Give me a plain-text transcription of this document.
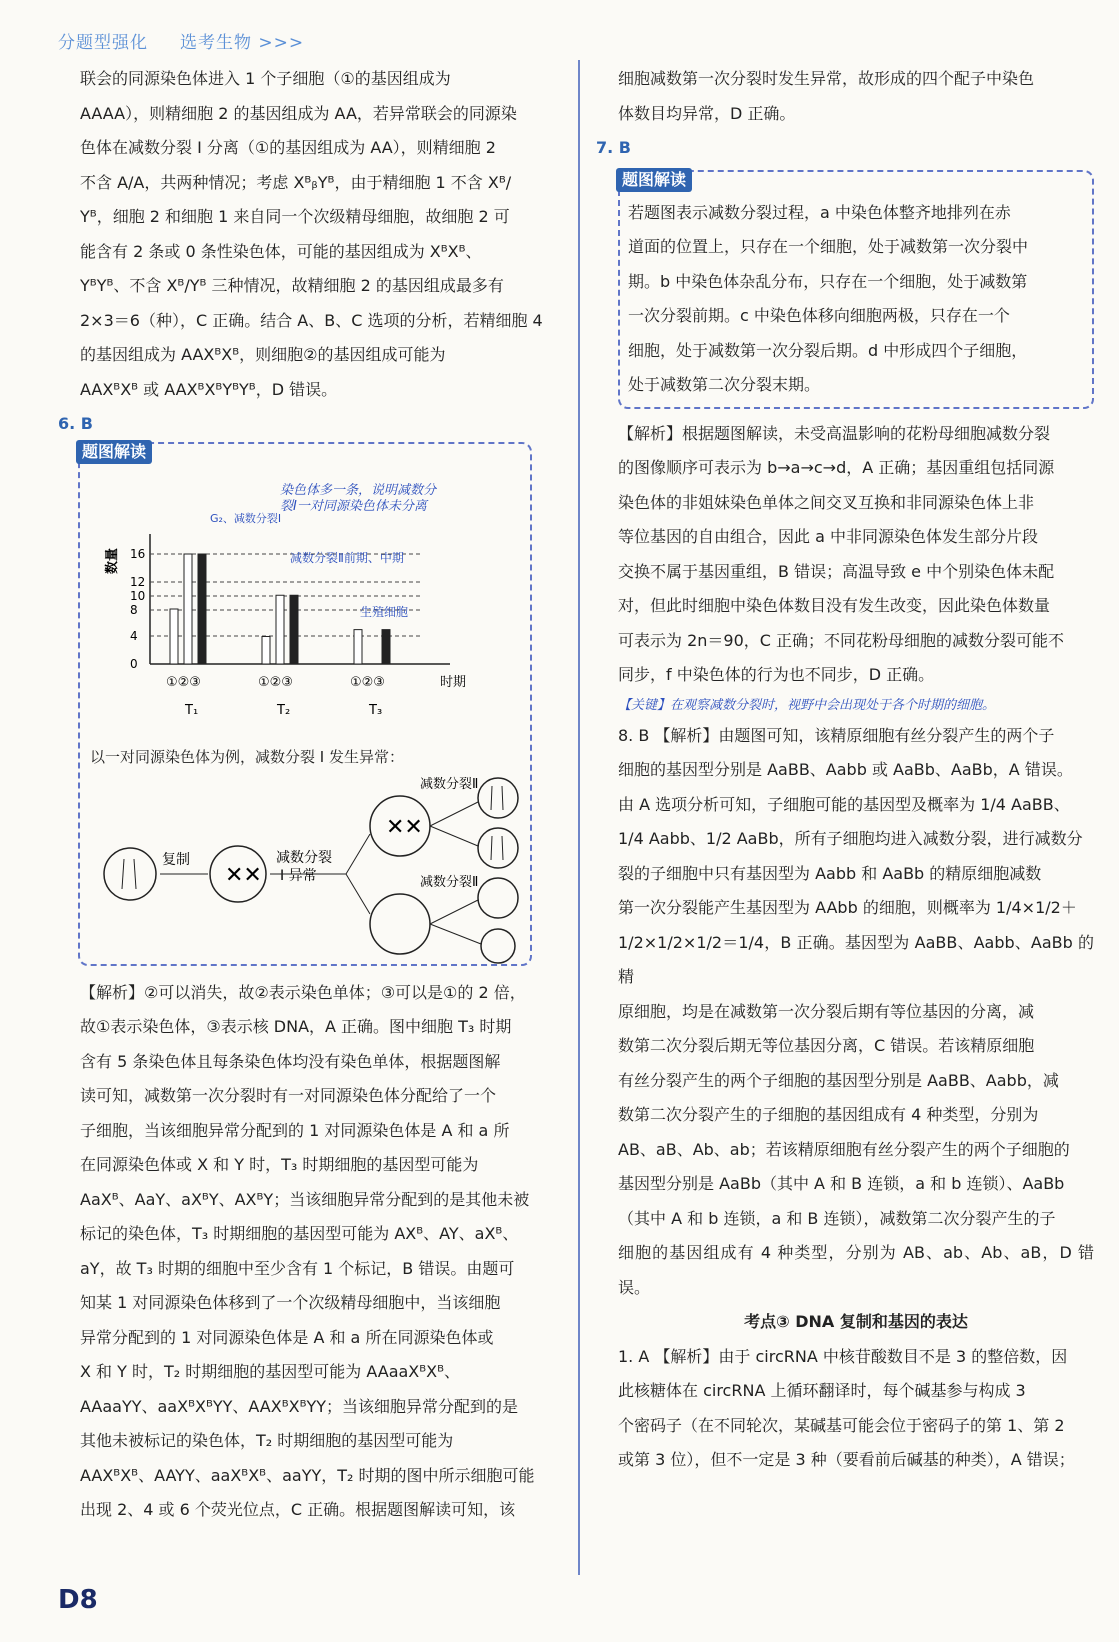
分题型强化 选考生物 >>>

联会的同源染色体进入 1 个子细胞（①的基因组成为

AAAA），则精细胞 2 的基因组成为 AA，若异常联会的同源染

色体在减数分裂 Ⅰ 分离（①的基因组成为 AA），则精细胞 2

不含 A/A，共两种情况；考虑 XᴮᵦYᴮ，由于精细胞 1 不含 Xᴮ/

Yᴮ，细胞 2 和细胞 1 来自同一个次级精母细胞，故细胞 2 可

能含有 2 条或 0 条性染色体，可能的基因组成为 XᴮXᴮ、

YᴮYᴮ、不含 Xᴮ/Yᴮ 三种情况，故精细胞 2 的基因组成最多有

2×3＝6（种），C 正确。结合 A、B、C 选项的分析，若精细胞 4

的基因组成为 AAXᴮXᴮ，则细胞②的基因组成可能为

AAXᴮXᴮ 或 AAXᴮXᴮYᴮYᴮ，D 错误。

6. B
题图解读
数量 16
12
10
8
4
0
时期
①②③
T₁
①②③
T₂
①②③
T₃
染色体多一条，说明减数分
裂Ⅰ一对同源染色体未分离
G₂、减数分裂Ⅰ
减数分裂Ⅱ前期、中期
生殖细胞
以一对同源染色体为例，减数分裂 Ⅰ 发生异常：
复制
✕✕
减数分裂
Ⅰ 异常
✕✕
减数分裂Ⅱ
减数分裂Ⅱ

【解析】②可以消失，故②表示染色单体；③可以是①的 2 倍，

故①表示染色体，③表示核 DNA，A 正确。图中细胞 T₃ 时期

含有 5 条染色体且每条染色体均没有染色单体，根据题图解

读可知，减数第一次分裂时有一对同源染色体分配给了一个

子细胞，当该细胞异常分配到的 1 对同源染色体是 A 和 a 所

在同源染色体或 X 和 Y 时，T₃ 时期细胞的基因型可能为

AaXᴮ、AaY、aXᴮY、AXᴮY；当该细胞异常分配到的是其他未被

标记的染色体，T₃ 时期细胞的基因型可能为 AXᴮ、AY、aXᴮ、

aY，故 T₃ 时期的细胞中至少含有 1 个标记，B 错误。由题可

知某 1 对同源染色体移到了一个次级精母细胞中，当该细胞

异常分配到的 1 对同源染色体是 A 和 a 所在同源染色体或

X 和 Y 时，T₂ 时期细胞的基因型可能为 AAaaXᴮXᴮ、

AAaaYY、aaXᴮXᴮYY、AAXᴮXᴮYY；当该细胞异常分配到的是

其他未被标记的染色体，T₂ 时期细胞的基因型可能为

AAXᴮXᴮ、AAYY、aaXᴮXᴮ、aaYY，T₂ 时期的图中所示细胞可能

出现 2、4 或 6 个荧光位点，C 正确。根据题图解读可知，该

细胞减数第一次分裂时发生异常，故形成的四个配子中染色

体数目均异常，D 正确。

7. B
题图解读

若题图表示减数分裂过程，a 中染色体整齐地排列在赤

道面的位置上，只存在一个细胞，处于减数第一次分裂中

期。b 中染色体杂乱分布，只存在一个细胞，处于减数第

一次分裂前期。c 中染色体移向细胞两极，只存在一个

细胞，处于减数第一次分裂后期。d 中形成四个子细胞，

处于减数第二次分裂末期。

【解析】根据题图解读，未受高温影响的花粉母细胞减数分裂

的图像顺序可表示为 b→a→c→d，A 正确；基因重组包括同源

染色体的非姐妹染色单体之间交叉互换和非同源染色体上非

等位基因的自由组合，因此 a 中非同源染色体发生部分片段

交换不属于基因重组，B 错误；高温导致 e 中个别染色体未配

对，但此时细胞中染色体数目没有发生改变，因此染色体数量

可表示为 2n＝90，C 正确；不同花粉母细胞的减数分裂可能不

同步，f 中染色体的行为也不同步，D 正确。

【关键】在观察减数分裂时，视野中会出现处于各个时期的细胞。

8. B 【解析】由题图可知，该精原细胞有丝分裂产生的两个子

细胞的基因型分别是 AaBB、Aabb 或 AaBb、AaBb，A 错误。

由 A 选项分析可知，子细胞可能的基因型及概率为 1/4 AaBB、

1/4 Aabb、1/2 AaBb，所有子细胞均进入减数分裂，进行减数分

裂的子细胞中只有基因型为 Aabb 和 AaBb 的精原细胞减数

第一次分裂能产生基因型为 AAbb 的细胞，则概率为 1/4×1/2＋

1/2×1/2×1/2＝1/4，B 正确。基因型为 AaBB、Aabb、AaBb 的精

原细胞，均是在减数第一次分裂后期有等位基因的分离，减

数第二次分裂后期无等位基因分离，C 错误。若该精原细胞

有丝分裂产生的两个子细胞的基因型分别是 AaBB、Aabb，减

数第二次分裂产生的子细胞的基因组成有 4 种类型，分别为

AB、aB、Ab、ab；若该精原细胞有丝分裂产生的两个子细胞的

基因型分别是 AaBb（其中 A 和 B 连锁，a 和 b 连锁）、AaBb

（其中 A 和 b 连锁，a 和 B 连锁），减数第二次分裂产生的子

细胞的基因组成有 4 种类型，分别为 AB、ab、Ab、aB，D 错误。

考点③ DNA 复制和基因的表达

1. A 【解析】由于 circRNA 中核苷酸数目不是 3 的整倍数，因

此核糖体在 circRNA 上循环翻译时，每个碱基参与构成 3

个密码子（在不同轮次，某碱基可能会位于密码子的第 1、第 2

或第 3 位），但不一定是 3 种（要看前后碱基的种类），A 错误；

D8
